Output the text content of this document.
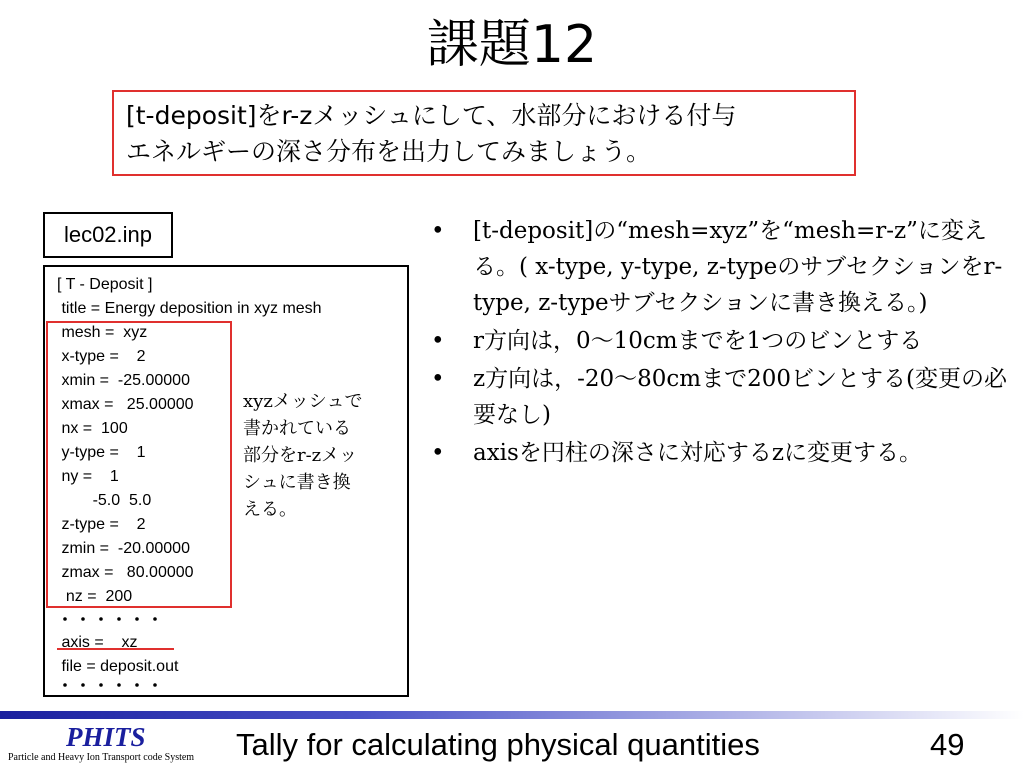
課題12
[t-deposit]をr-zメッシュにして、水部分における付与
エネルギーの深さ分布を出力してみましょう。
lec02.inp
[ T - Deposit ]
title = Energy deposition in xyz mesh
mesh =  xyz
x-type =    2
xmin =  -25.00000
xmax =   25.00000
nx =  100
y-type =    1
ny =    1
-5.0  5.0
z-type =    2
zmin =  -20.00000
zmax =   80.00000
nz =  200
・・・・・・
axis =    xz
file = deposit.out
・・・・・・
xyzメッシュで
書かれている
部分をr-zメッ
シュに書き換
える。
• [t-deposit]の“mesh=xyz”を“mesh=r-z”に変える。( x-type, y-type, z-typeのサブセクションをr-type, z-typeサブセクションに書き換える。)
• r方向は，0～10cmまでを1つのビンとする
• z方向は，-20～80cmまで200ビンとする(変更の必要なし)
• axisを円柱の深さに対応するzに変更する。
PHITS
Particle and Heavy Ion Transport code System Tally for calculating physical quantities	49
